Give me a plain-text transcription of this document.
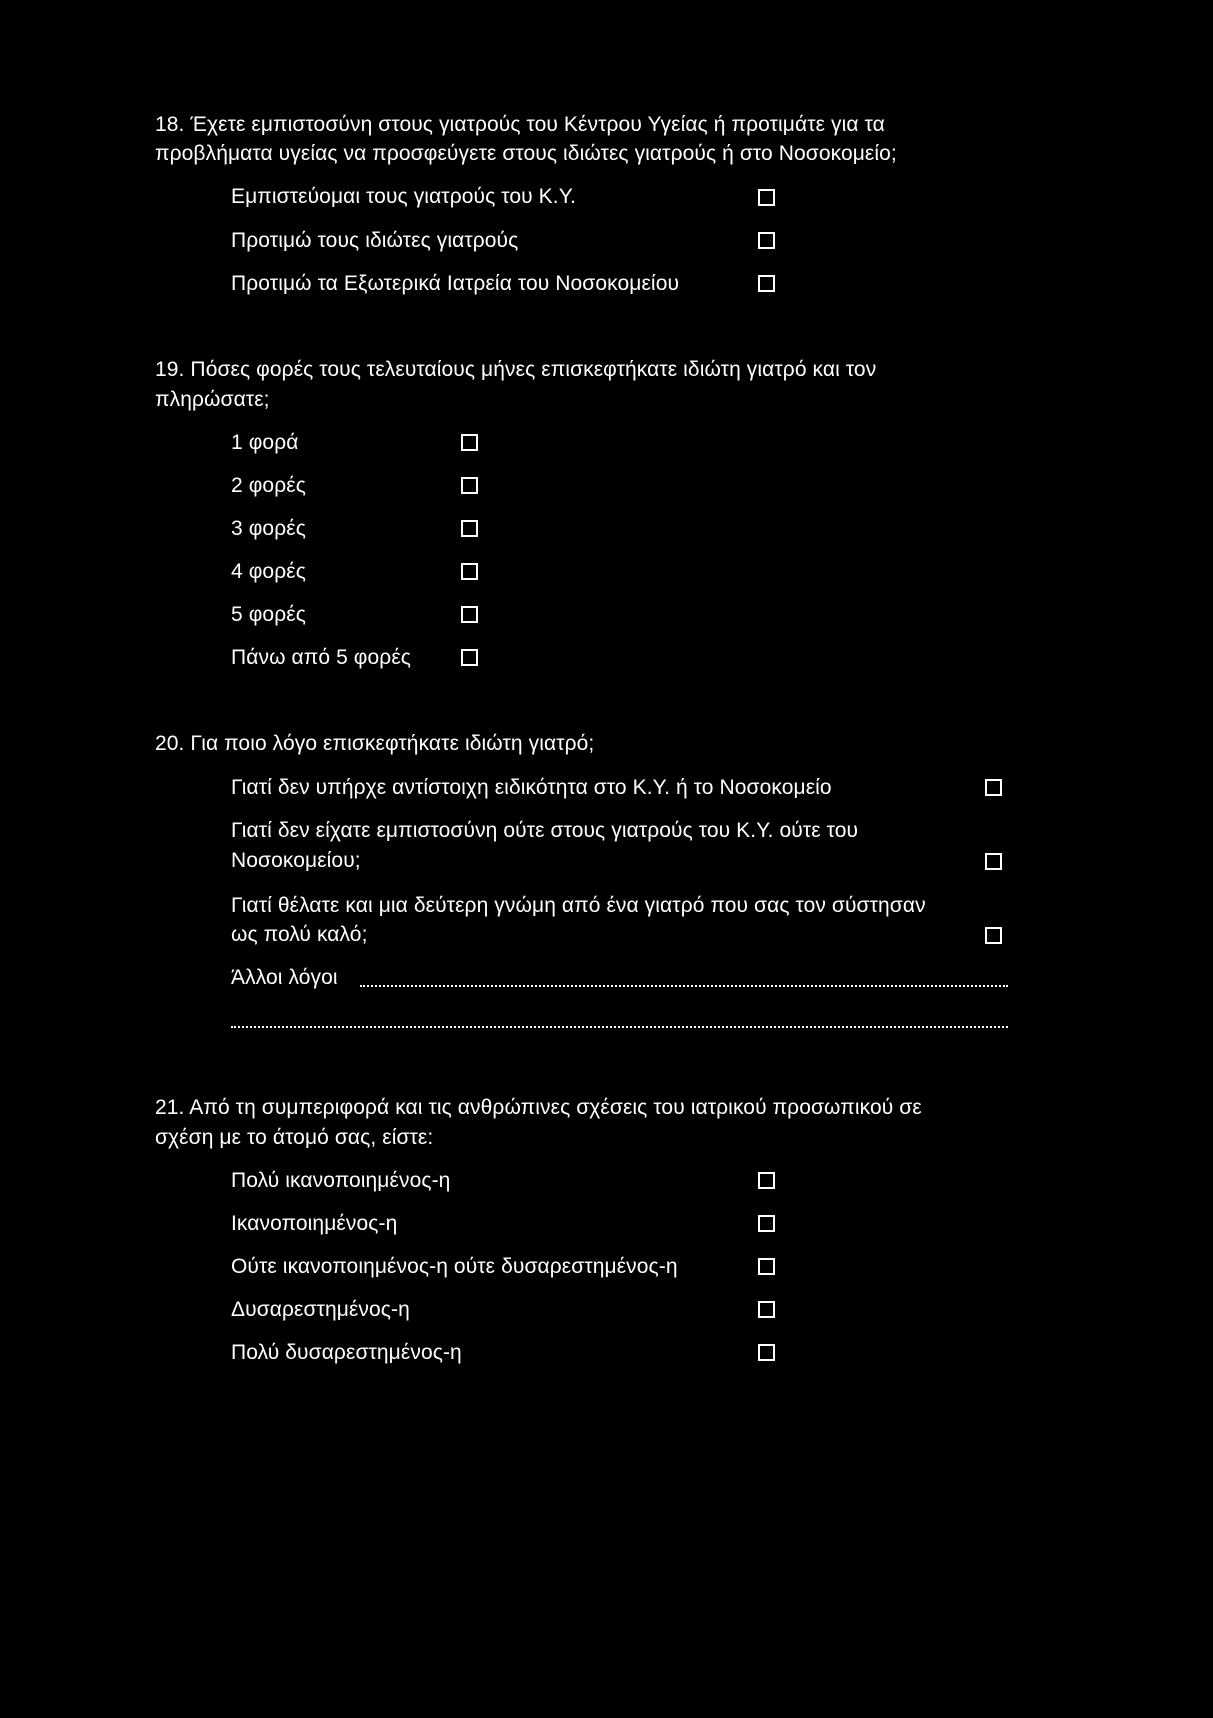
18. Έχετε εμπιστοσύνη στους γιατρούς του Κέντρου Υγείας ή προτιμάτε για τα
προβλήματα υγείας να προσφεύγετε στους ιδιώτες γιατρούς ή στο Νοσοκομείο;
Εμπιστεύομαι τους γιατρούς του Κ.Υ.
Προτιμώ τους ιδιώτες γιατρούς
Προτιμώ τα Εξωτερικά Ιατρεία του Νοσοκομείου
19. Πόσες φορές τους τελευταίους μήνες επισκεφτήκατε ιδιώτη γιατρό και τον
πληρώσατε;
1 φορά
2 φορές
3 φορές
4 φορές
5 φορές
Πάνω από 5 φορές
20. Για ποιο λόγο επισκεφτήκατε ιδιώτη γιατρό;
Γιατί δεν υπήρχε αντίστοιχη ειδικότητα στο Κ.Υ. ή το Νοσοκομείο
Γιατί δεν είχατε εμπιστοσύνη ούτε στους γιατρούς του Κ.Υ. ούτε του
Νοσοκομείου;
Γιατί θέλατε και μια δεύτερη γνώμη από ένα γιατρό που σας τον σύστησαν
ως πολύ καλό;
Άλλοι λόγοι
21. Από τη συμπεριφορά και τις ανθρώπινες σχέσεις του ιατρικού προσωπικού σε
σχέση με το άτομό σας, είστε:
Πολύ ικανοποιημένος-η
Ικανοποιημένος-η
Ούτε ικανοποιημένος-η ούτε δυσαρεστημένος-η
Δυσαρεστημένος-η
Πολύ δυσαρεστημένος-η
